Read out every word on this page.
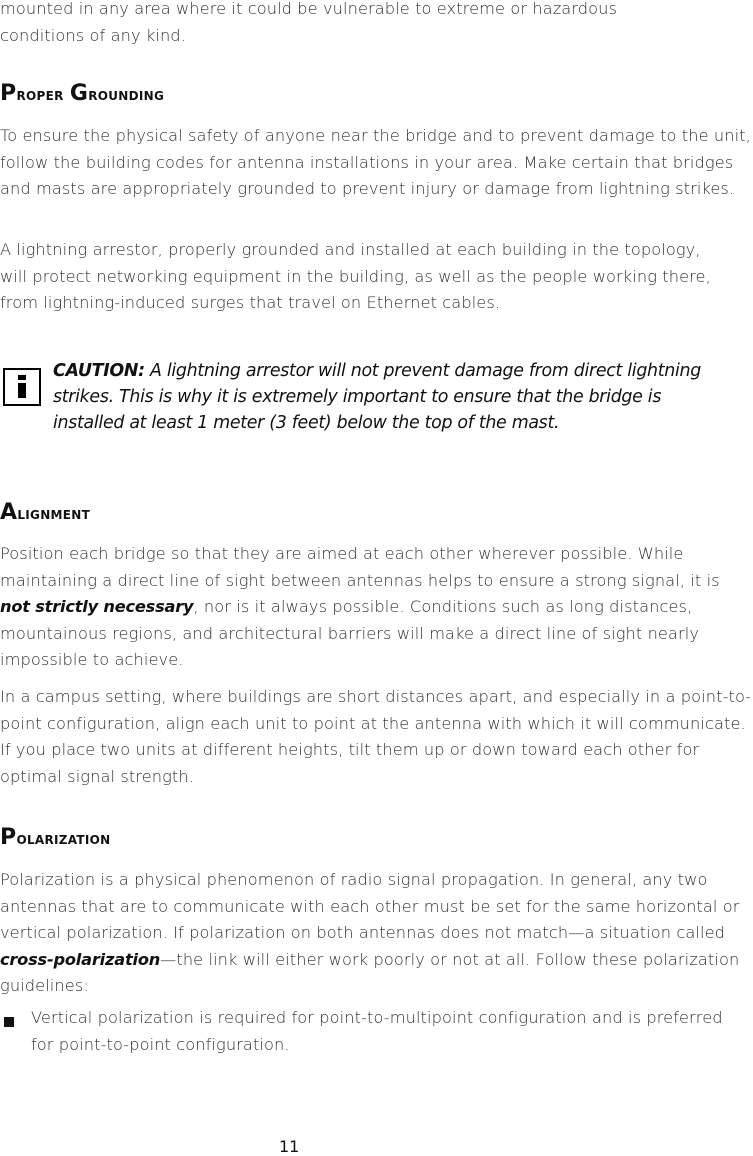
mounted in any area where it could be vulnerable to extreme or hazardous
conditions of any kind.

Proper Grounding

To ensure the physical safety of anyone near the bridge and to prevent damage to the unit, follow the building codes for antenna installations in your area. Make certain that bridges and masts are appropriately grounded to prevent injury or damage from lightning strikes.

A lightning arrestor, properly grounded and installed at each building in the topology, will protect networking equipment in the building, as well as the people working there, from lightning-induced surges that travel on Ethernet cables.

CAUTION: A lightning arrestor will not prevent damage from direct lightning strikes. This is why it is extremely important to ensure that the bridge is installed at least 1 meter (3 feet) below the top of the mast.
Alignment

Position each bridge so that they are aimed at each other wherever possible. While maintaining a direct line of sight between antennas helps to ensure a strong signal, it is not strictly necessary, nor is it always possible. Conditions such as long distances, mountainous regions, and architectural barriers will make a direct line of sight nearly impossible to achieve.

In a campus setting, where buildings are short distances apart, and especially in a point-to-point configuration, align each unit to point at the antenna with which it will communicate. If you place two units at different heights, tilt them up or down toward each other for optimal signal strength.

Polarization

Polarization is a physical phenomenon of radio signal propagation. In general, any two antennas that are to communicate with each other must be set for the same horizontal or vertical polarization. If polarization on both antennas does not match—a situation called cross-polarization—the link will either work poorly or not at all. Follow these polarization guidelines:

Vertical polarization is required for point-to-multipoint configuration and is preferred for point-to-point configuration.

11
